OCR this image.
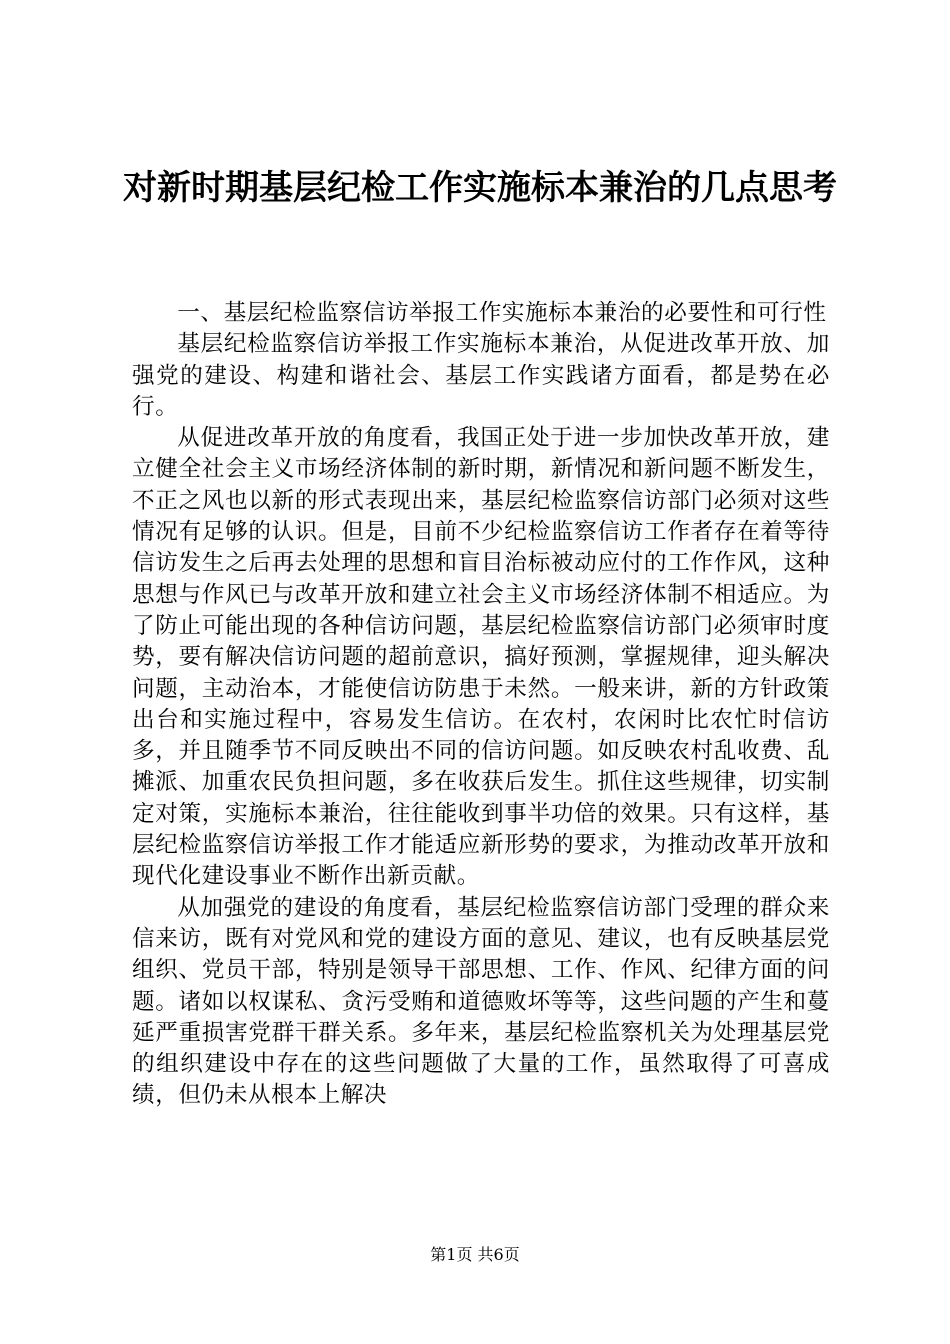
对新时期基层纪检工作实施标本兼治的几点思考

一、基层纪检监察信访举报工作实施标本兼治的必要性和可行性

基层纪检监察信访举报工作实施标本兼治，从促进改革开放、加强党的建设、构建和谐社会、基层工作实践诸方面看，都是势在必行。

从促进改革开放的角度看，我国正处于进一步加快改革开放，建立健全社会主义市场经济体制的新时期，新情况和新问题不断发生，不正之风也以新的形式表现出来，基层纪检监察信访部门必须对这些情况有足够的认识。但是，目前不少纪检监察信访工作者存在着等待信访发生之后再去处理的思想和盲目治标被动应付的工作作风，这种思想与作风已与改革开放和建立社会主义市场经济体制不相适应。为了防止可能出现的各种信访问题，基层纪检监察信访部门必须审时度势，要有解决信访问题的超前意识，搞好预测，掌握规律，迎头解决问题，主动治本，才能使信访防患于未然。一般来讲，新的方针政策出台和实施过程中，容易发生信访。在农村，农闲时比农忙时信访多，并且随季节不同反映出不同的信访问题。如反映农村乱收费、乱摊派、加重农民负担问题，多在收获后发生。抓住这些规律，切实制定对策，实施标本兼治，往往能收到事半功倍的效果。只有这样，基层纪检监察信访举报工作才能适应新形势的要求，为推动改革开放和现代化建设事业不断作出新贡献。

从加强党的建设的角度看，基层纪检监察信访部门受理的群众来信来访，既有对党风和党的建设方面的意见、建议，也有反映基层党组织、党员干部，特别是领导干部思想、工作、作风、纪律方面的问题。诸如以权谋私、贪污受贿和道德败坏等等，这些问题的产生和蔓延严重损害党群干群关系。多年来，基层纪检监察机关为处理基层党的组织建设中存在的这些问题做了大量的工作，虽然取得了可喜成绩，但仍未从根本上解决

第1页 共6页
